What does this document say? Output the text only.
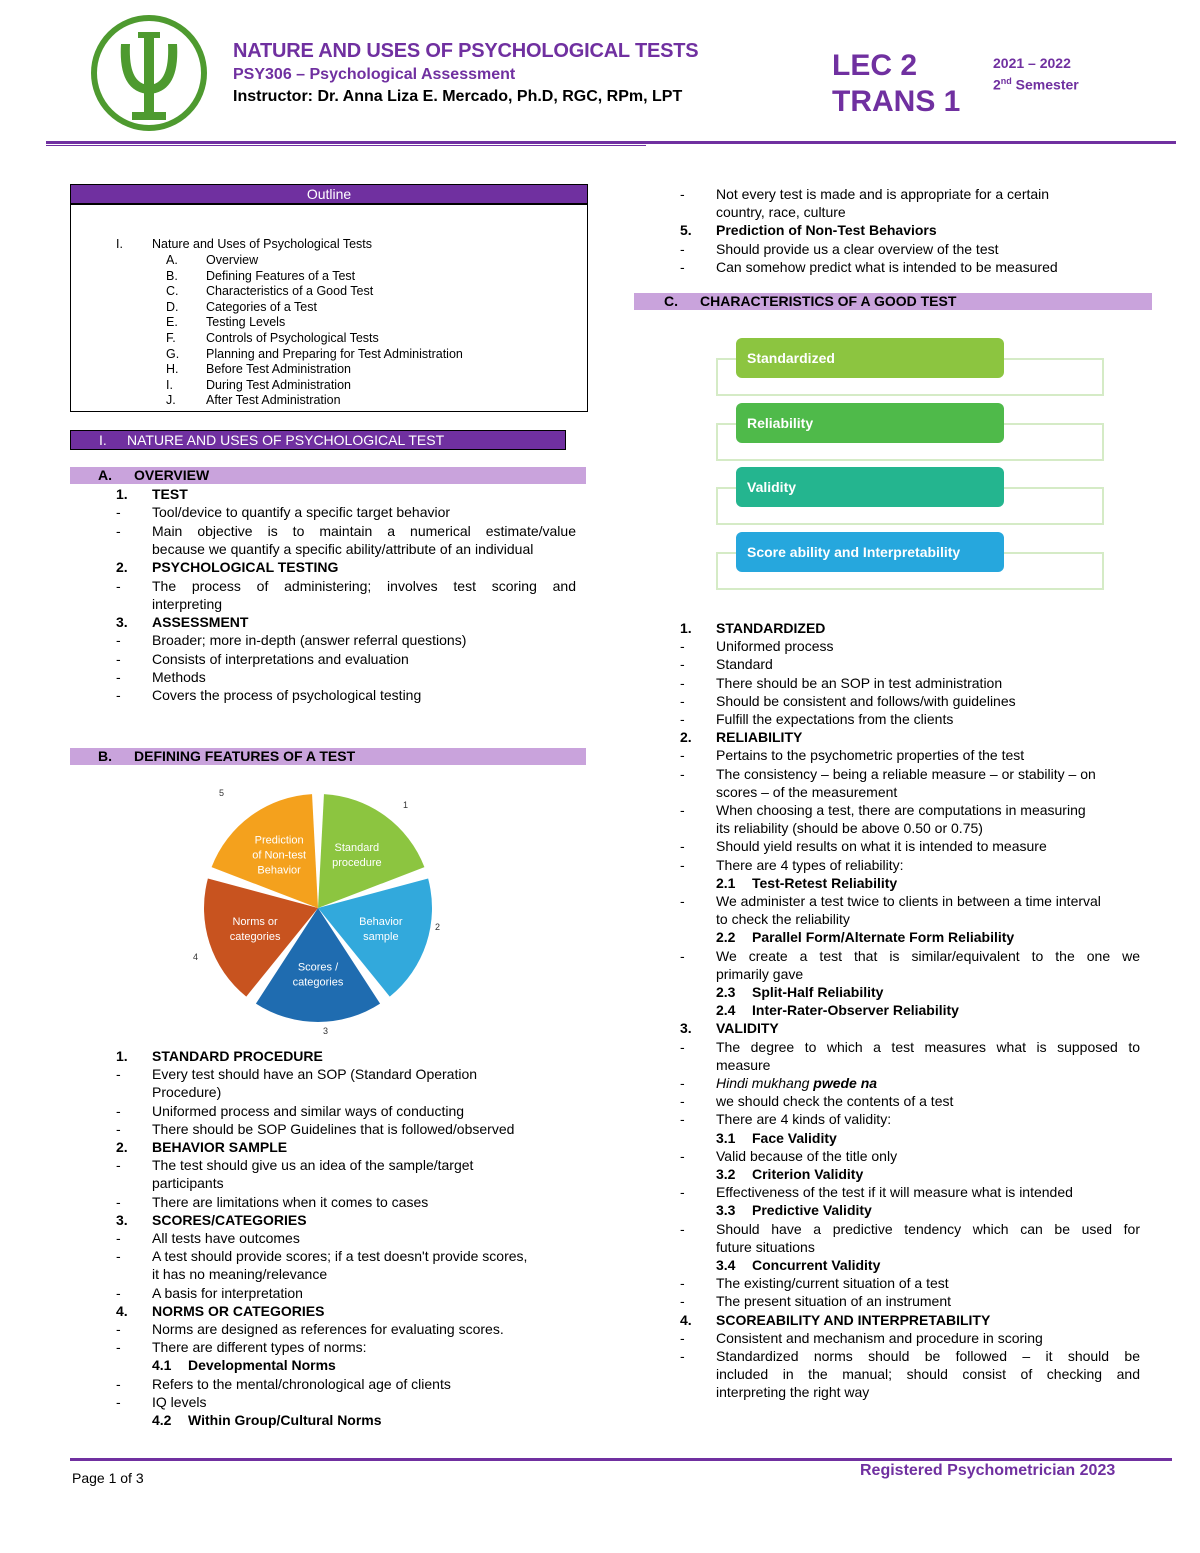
NATURE AND USES OF PSYCHOLOGICAL TESTS
PSY306 – Psychological Assessment
Instructor: Dr. Anna Liza E. Mercado, Ph.D, RGC, RPm, LPT
LEC 2
TRANS 1
2021 – 2022
2nd Semester
Outline
I. Nature and Uses of Psychological Tests
A. Overview
B. Defining Features of a Test
C. Characteristics of a Good Test
D. Categories of a Test
E. Testing Levels
F. Controls of Psychological Tests
G. Planning and Preparing for Test Administration
H. Before Test Administration
I.	During Test Administration
J. After Test Administration
I. NATURE AND USES OF PSYCHOLOGICAL TEST
A. OVERVIEW
1. TEST
- Tool/device to quantify a specific target behavior
- Main objective is to maintain a numerical estimate/value
because we quantify a specific ability/attribute of an individual
2. PSYCHOLOGICAL TESTING
- The process of administering; involves test scoring and
interpreting
3. ASSESSMENT
- Broader; more in-depth (answer referral questions)
- Consists of interpretations and evaluation
- Methods
- Covers the process of psychological testing
B. DEFINING FEATURES OF A TEST
Standard
procedure
1
Behavior
sample
2
Scores /
categories
3
Norms or
categories
4
Prediction
of Non-test
Behavior
5
1. STANDARD PROCEDURE
- Every test should have an SOP (Standard Operation
Procedure)
- Uniformed process and similar ways of conducting
- There should be SOP Guidelines that is followed/observed
2. BEHAVIOR SAMPLE
- The test should give us an idea of the sample/target
participants
- There are limitations when it comes to cases
3. SCORES/CATEGORIES
- All tests have outcomes
- A test should provide scores; if a test doesn't provide scores,
it has no meaning/relevance
- A basis for interpretation
4. NORMS OR CATEGORIES
- Norms are designed as references for evaluating scores.
- There are different types of norms:
4.1 Developmental Norms
- Refers to the mental/chronological age of clients
- IQ levels
4.2 Within Group/Cultural Norms
- Not every test is made and is appropriate for a certain
country, race, culture
5. Prediction of Non-Test Behaviors
- Should provide us a clear overview of the test
- Can somehow predict what is intended to be measured
C. CHARACTERISTICS OF A GOOD TEST
Standardized
Reliability
Validity
Score ability and Interpretability
1. STANDARDIZED
- Uniformed process
- Standard
- There should be an SOP in test administration
- Should be consistent and follows/with guidelines
- Fulfill the expectations from the clients
2. RELIABILITY
- Pertains to the psychometric properties of the test
- The consistency – being a reliable measure – or stability – on
scores – of the measurement
- When choosing a test, there are computations in measuring
its reliability (should be above 0.50 or 0.75)
- Should yield results on what it is intended to measure
- There are 4 types of reliability:
2.1 Test-Retest Reliability
- We administer a test twice to clients in between a time interval
to check the reliability
2.2 Parallel Form/Alternate Form Reliability
- We create a test that is similar/equivalent to the one we
primarily gave
2.3 Split-Half Reliability
2.4 Inter-Rater-Observer Reliability
3. VALIDITY
- The degree to which a test measures what is supposed to
measure
- Hindi mukhang pwede na
- we should check the contents of a test
- There are 4 kinds of validity:
3.1 Face Validity
- Valid because of the title only
3.2 Criterion Validity
- Effectiveness of the test if it will measure what is intended
3.3 Predictive Validity
- Should have a predictive tendency which can be used for
future situations
3.4 Concurrent Validity
- The existing/current situation of a test
- The present situation of an instrument
4. SCOREABILITY AND INTERPRETABILITY
- Consistent and mechanism and procedure in scoring
- Standardized norms should be followed – it should be
included in the manual; should consist of checking and
interpreting the right way
Page 1 of 3	Registered Psychometrician 2023
